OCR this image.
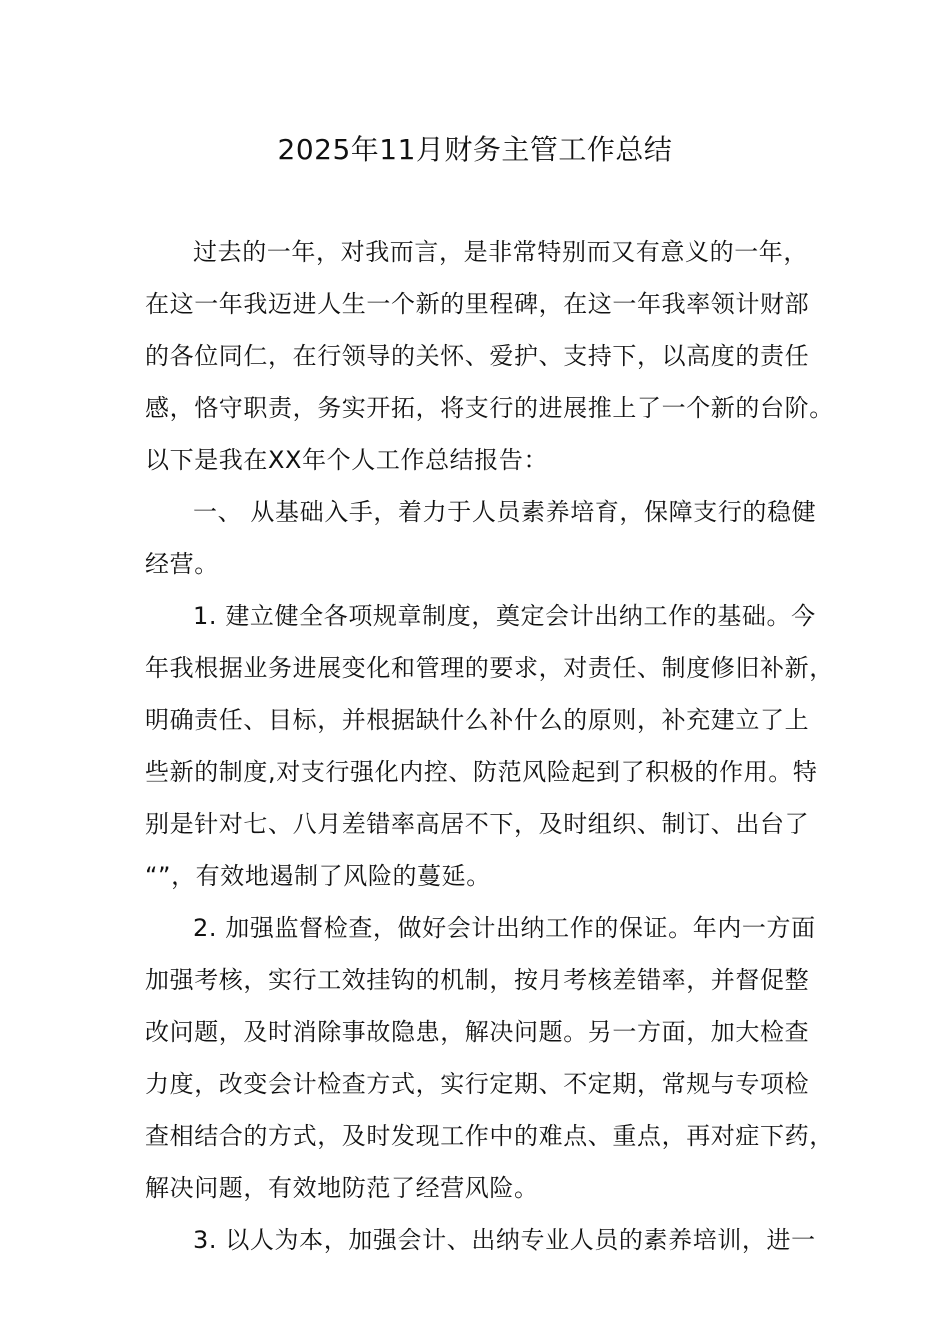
2025年11月财务主管工作总结
过去的一年，对我而言，是非常特别而又有意义的一年，
在这一年我迈进人生一个新的里程碑，在这一年我率领计财部
的各位同仁，在行领导的关怀、爱护、支持下，以高度的责任
感，恪守职责，务实开拓，将支行的进展推上了一个新的台阶。
以下是我在XX年个人工作总结报告：
一、 从基础入手，着力于人员素养培育，保障支行的稳健
经营。
1. 建立健全各项规章制度，奠定会计出纳工作的基础。今
年我根据业务进展变化和管理的要求，对责任、制度修旧补新，
明确责任、目标，并根据缺什么补什么的原则，补充建立了上
些新的制度,对支行强化内控、防范风险起到了积极的作用。特
别是针对七、八月差错率高居不下，及时组织、制订、出台了
“”，有效地遏制了风险的蔓延。
2. 加强监督检查，做好会计出纳工作的保证。年内一方面
加强考核，实行工效挂钩的机制，按月考核差错率，并督促整
改问题，及时消除事故隐患，解决问题。另一方面，加大检查
力度，改变会计检查方式，实行定期、不定期，常规与专项检
查相结合的方式，及时发现工作中的难点、重点，再对症下药，
解决问题，有效地防范了经营风险。
3. 以人为本，加强会计、出纳专业人员的素养培训，进一
